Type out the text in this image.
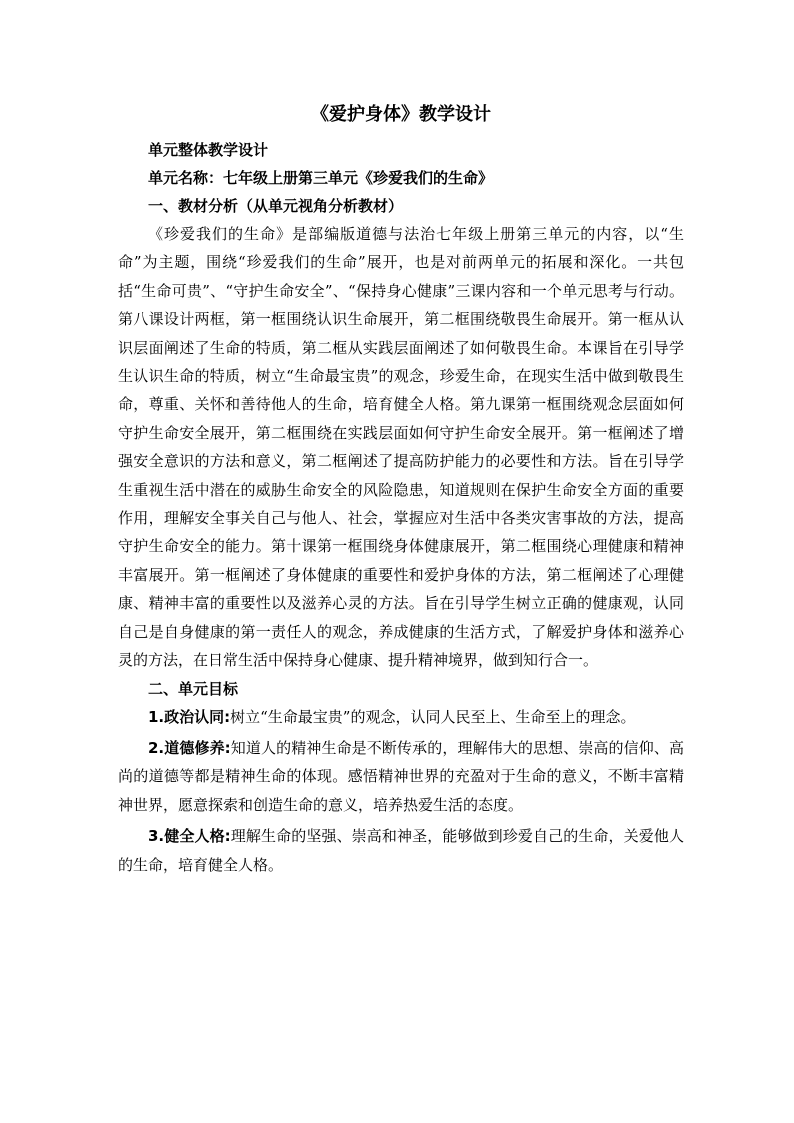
《爱护身体》教学设计

单元整体教学设计

单元名称：七年级上册第三单元《珍爱我们的生命》

一、教材分析（从单元视角分析教材）

《珍爱我们的生命》是部编版道德与法治七年级上册第三单元的内容，以“生命”为主题，围绕“珍爱我们的生命”展开，也是对前两单元的拓展和深化。一共包括“生命可贵”、“守护生命安全”、“保持身心健康”三课内容和一个单元思考与行动。第八课设计两框，第一框围绕认识生命展开，第二框围绕敬畏生命展开。第一框从认识层面阐述了生命的特质，第二框从实践层面阐述了如何敬畏生命。本课旨在引导学生认识生命的特质，树立“生命最宝贵”的观念，珍爱生命，在现实生活中做到敬畏生命，尊重、关怀和善待他人的生命，培育健全人格。第九课第一框围绕观念层面如何守护生命安全展开，第二框围绕在实践层面如何守护生命安全展开。第一框阐述了增强安全意识的方法和意义，第二框阐述了提高防护能力的必要性和方法。旨在引导学生重视生活中潜在的威胁生命安全的风险隐患，知道规则在保护生命安全方面的重要作用，理解安全事关自己与他人、社会，掌握应对生活中各类灾害事故的方法，提高守护生命安全的能力。第十课第一框围绕身体健康展开，第二框围绕心理健康和精神丰富展开。第一框阐述了身体健康的重要性和爱护身体的方法，第二框阐述了心理健康、精神丰富的重要性以及滋养心灵的方法。旨在引导学生树立正确的健康观，认同自己是自身健康的第一责任人的观念，养成健康的生活方式，了解爱护身体和滋养心灵的方法，在日常生活中保持身心健康、提升精神境界，做到知行合一。

二、单元目标

1.政治认同:树立“生命最宝贵”的观念，认同人民至上、生命至上的理念。

2.道德修养:知道人的精神生命是不断传承的，理解伟大的思想、崇高的信仰、高尚的道德等都是精神生命的体现。感悟精神世界的充盈对于生命的意义，不断丰富精神世界，愿意探索和创造生命的意义，培养热爱生活的态度。

3.健全人格:理解生命的坚强、崇高和神圣，能够做到珍爱自己的生命，关爱他人的生命，培育健全人格。
